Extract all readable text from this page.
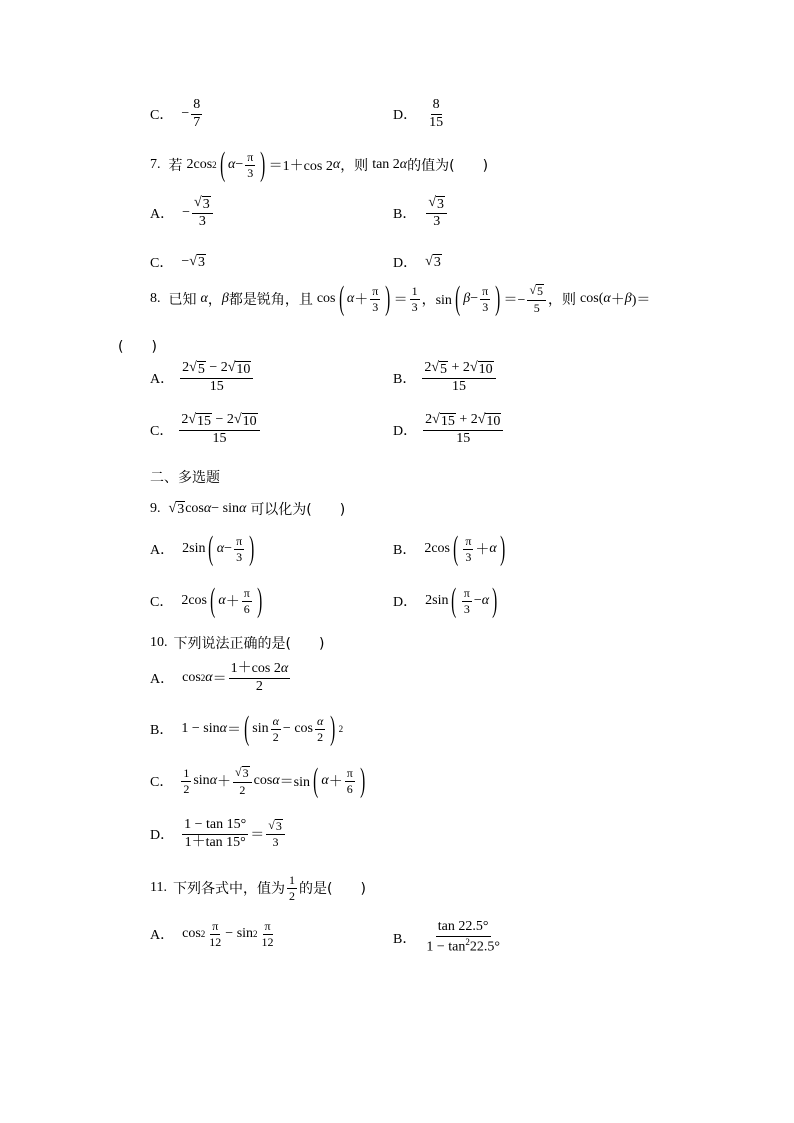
C． − $\frac{8}{7}$	D． $\frac{8}{15}$
7. 若 2cos 2 ( $\alpha - \frac{\pi}{3}$ ) ＝1＋cos 2 α ，则 tan 2 α 的值为(　　)
A． − $\frac{√ 3}{3}$	B． $\frac{√ 3}{3}$
C． − √ 3	D． √ 3
8. 已知 α ， β 都是锐角，且 cos ( $\alpha + \frac{\pi}{3}$ ) ＝ $\frac{1}{3}$ ，sin ( $\beta - \frac{\pi}{3}$ ) ＝− $\frac{√ 5}{5}$ ，则 cos( α ＋ β )＝
(　　)
A． $\frac{2√ 5 - 2√ 10}{15}$	B． $\frac{2√ 5 + 2√ 10}{15}$
C． $\frac{2√ 15 - 2√ 10}{15}$	D． $\frac{2√ 15 + 2√ 10}{15}$
二、多选题
9. √ 3 cos α − sin α 可以化为(　　)
A． 2sin ( $\alpha - \frac{\pi}{3}$ )	B． 2cos ( $\frac{\pi}{3} + \alpha$ )
C． 2cos ( $\alpha + \frac{\pi}{6}$ )	D． 2sin ( $\frac{\pi}{3} - \alpha$ )
10. 下列说法正确的是(　　)
A． cos 2 $\alpha = \frac{1+\cos 2\alpha}{2}$
B． 1 − sin α ＝ ( $\sin \frac{\alpha}{2} - \cos \frac{\alpha}{2}$ ) 2
C． $\frac{1}{2}$ $\sin \alpha + \frac{√ 3}{2}$ cos α ＝sin ( $\alpha + \frac{\pi}{6}$ )
D． $\frac{1 - \tan 15^\circ}{1+\tan 15^\circ} = \frac{√ 3}{3}$
11. 下列各式中，值为 $\frac{1}{2}$ 的是(　　)
A． $\cos 2 \frac{\pi}{12} - \sin 2 \frac{\pi}{12}$	B． $\frac{\tan 22.5^\circ}{1 - \tan^222.5^\circ}$
